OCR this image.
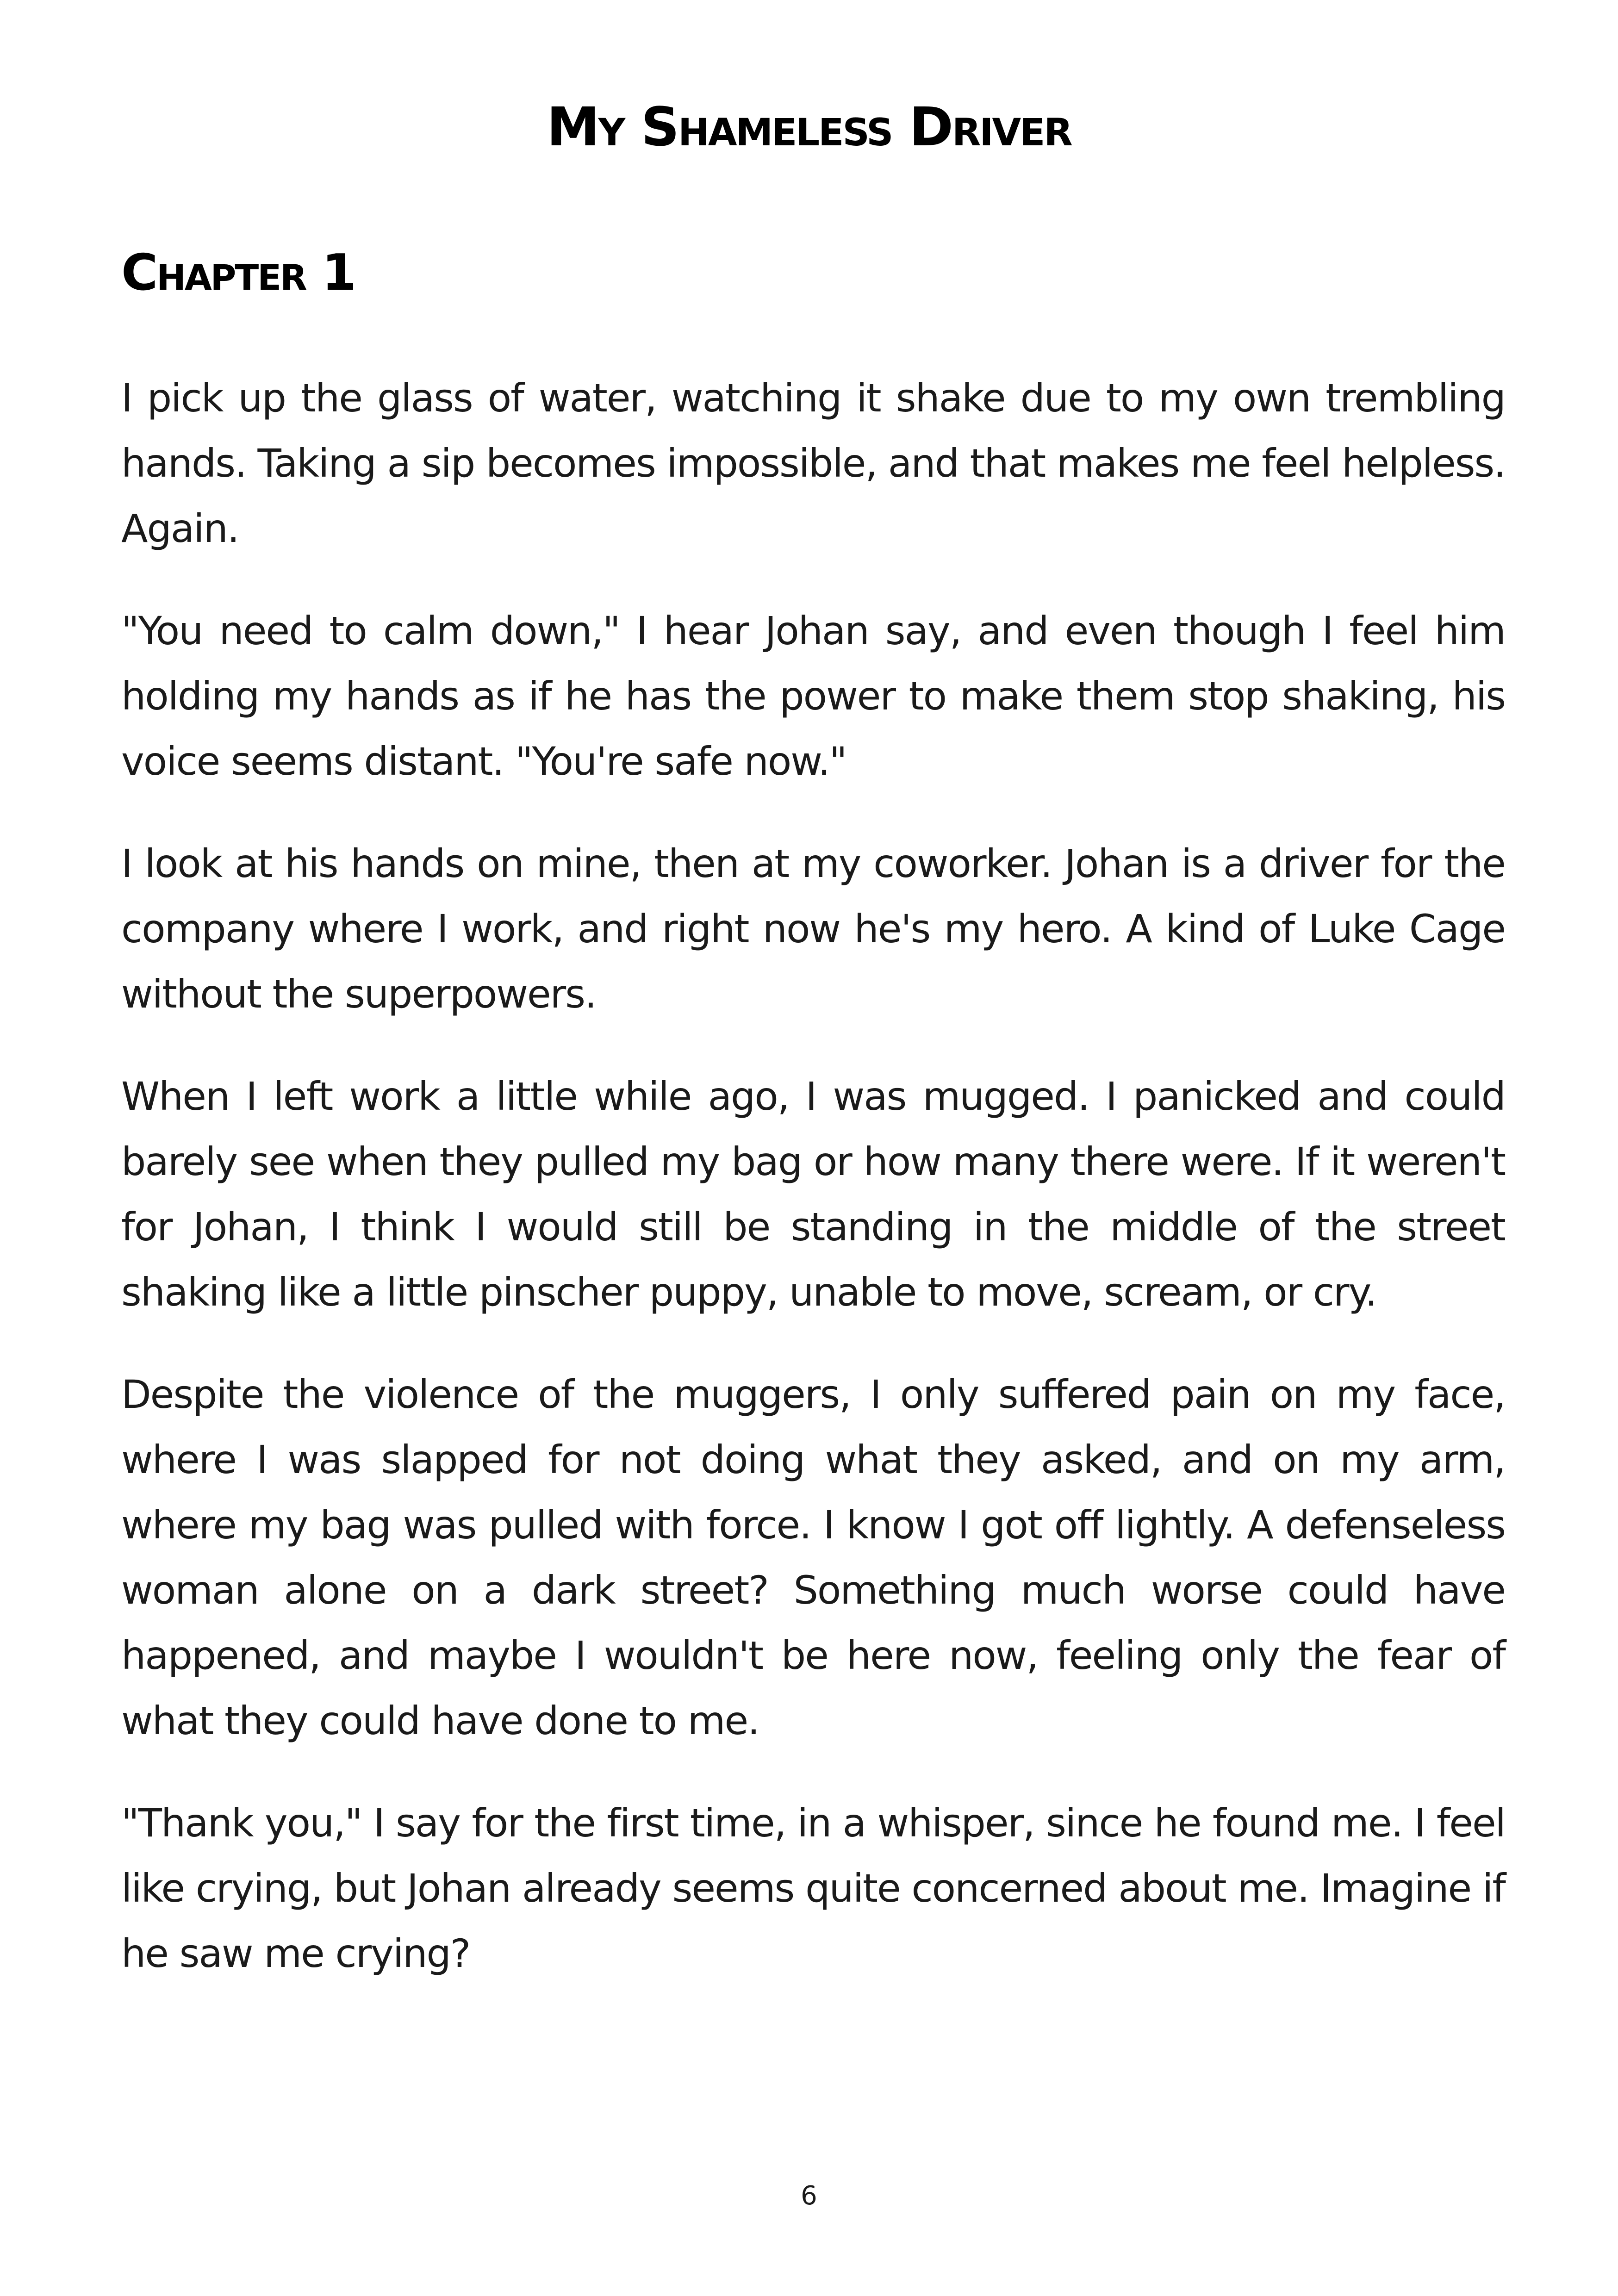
My Shameless Driver
Chapter 1

I pick up the glass of water, watching it shake due to my own trembling hands. Taking a sip becomes impossible, and that makes me feel helpless. Again.

"You need to calm down," I hear Johan say, and even though I feel him holding my hands as if he has the power to make them stop shaking, his voice seems distant. "You're safe now."

I look at his hands on mine, then at my coworker. Johan is a driver for the company where I work, and right now he's my hero. A kind of Luke Cage without the superpowers.

When I left work a little while ago, I was mugged. I panicked and could barely see when they pulled my bag or how many there were. If it weren't for Johan, I think I would still be standing in the middle of the street shaking like a little pinscher puppy, unable to move, scream, or cry.

Despite the violence of the muggers, I only suffered pain on my face, where I was slapped for not doing what they asked, and on my arm, where my bag was pulled with force. I know I got off lightly. A defenseless woman alone on a dark street? Something much worse could have happened, and maybe I wouldn't be here now, feeling only the fear of what they could have done to me.

"Thank you," I say for the first time, in a whisper, since he found me. I feel like crying, but Johan already seems quite concerned about me. Imagine if he saw me crying?

6
